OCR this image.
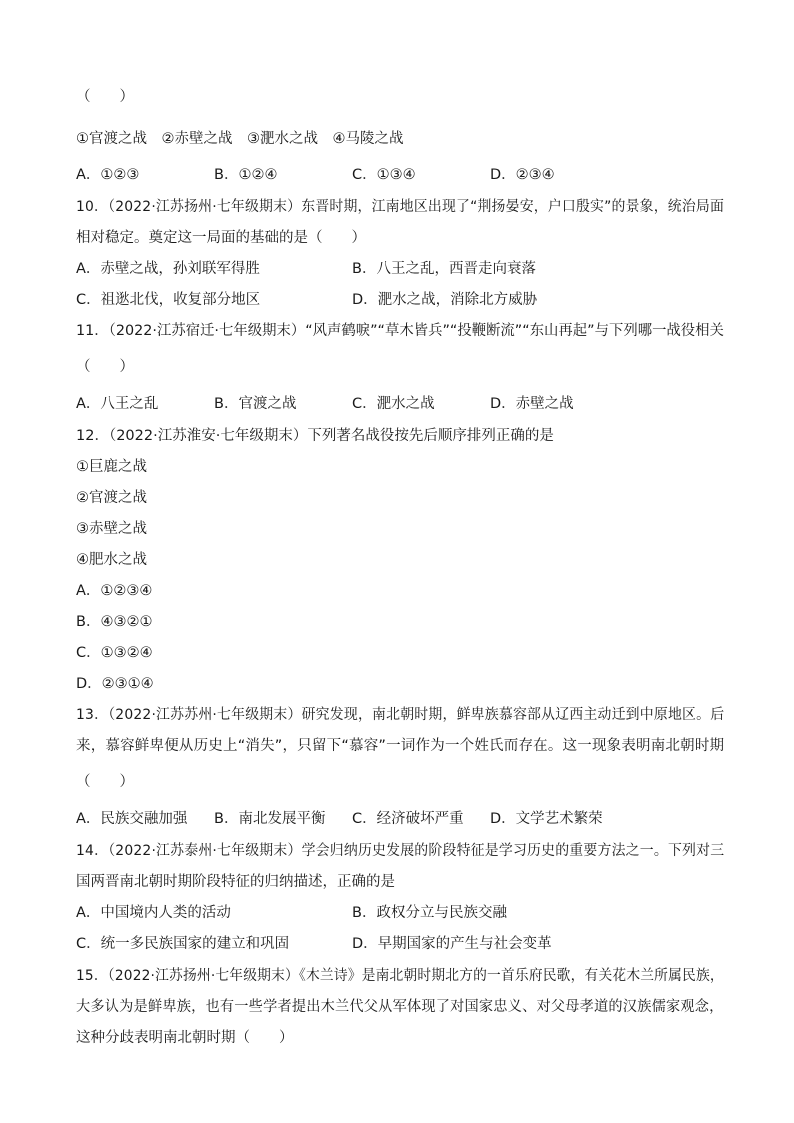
（　　）
①官渡之战　②赤壁之战　③淝水之战　④马陵之战
A．①②③	B．①②④	C．①③④	D．②③④
10．（2022·江苏扬州·七年级期末）东晋时期，江南地区出现了“荆扬晏安，户口殷实”的景象，统治局面
相对稳定。奠定这一局面的基础的是（　　）
A．赤壁之战，孙刘联军得胜	B．八王之乱，西晋走向衰落
C．祖逖北伐，收复部分地区	D．淝水之战，消除北方威胁
11．（2022·江苏宿迁·七年级期末）“风声鹤唳”“草木皆兵”“投鞭断流”“东山再起”与下列哪一战役相关
（　　）
A．八王之乱	B．官渡之战	C．淝水之战	D．赤壁之战
12．（2022·江苏淮安·七年级期末）下列著名战役按先后顺序排列正确的是
①巨鹿之战
②官渡之战
③赤壁之战
④肥水之战
A．①②③④
B．④③②①
C．①③②④
D．②③①④
13．（2022·江苏苏州·七年级期末）研究发现，南北朝时期，鲜卑族慕容部从辽西主动迁到中原地区。后
来，慕容鲜卑便从历史上“消失”，只留下“慕容”一词作为一个姓氏而存在。这一现象表明南北朝时期
（　　）
A．民族交融加强 B．南北发展平衡 C．经济破坏严重 D．文学艺术繁荣
14．（2022·江苏泰州·七年级期末）学会归纳历史发展的阶段特征是学习历史的重要方法之一。下列对三
国两晋南北朝时期阶段特征的归纳描述，正确的是
A．中国境内人类的活动	B．政权分立与民族交融
C．统一多民族国家的建立和巩固	D．早期国家的产生与社会变革
15．（2022·江苏扬州·七年级期末）《木兰诗》是南北朝时期北方的一首乐府民歌，有关花木兰所属民族，
大多认为是鲜卑族，也有一些学者提出木兰代父从军体现了对国家忠义、对父母孝道的汉族儒家观念，
这种分歧表明南北朝时期（　　）
